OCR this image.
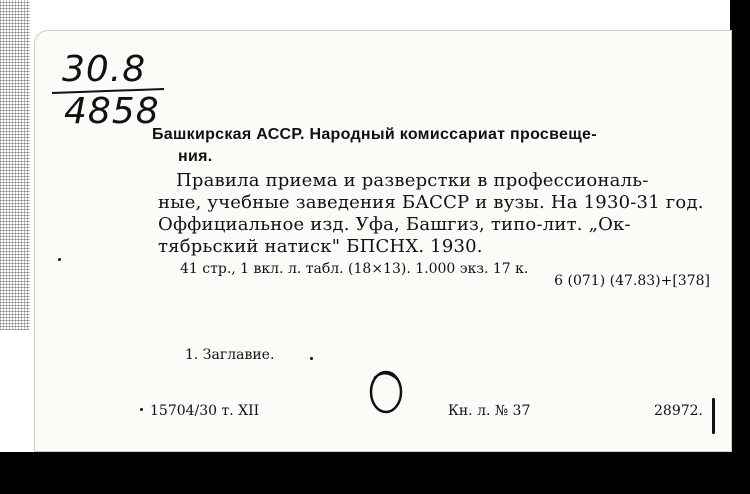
30.8
4858
Башкирская АССР. Народный комиссариат просвеще-
ния.
Правила приема и разверстки в профессиональ-
ные, учебные заведения БАССР и вузы. На 1930-31 год.
Оффициальное изд. Уфа, Башгиз, типо-лит. „Ок-
тябрьский натиск" БПСНХ. 1930.
41 стр., 1 вкл. л. табл. (18×13). 1.000 экз. 17 к.
6 (071) (47.83)+[378]
1. Заглавие.
15704/30 т. XII	Кн. л. № 37	28972.
